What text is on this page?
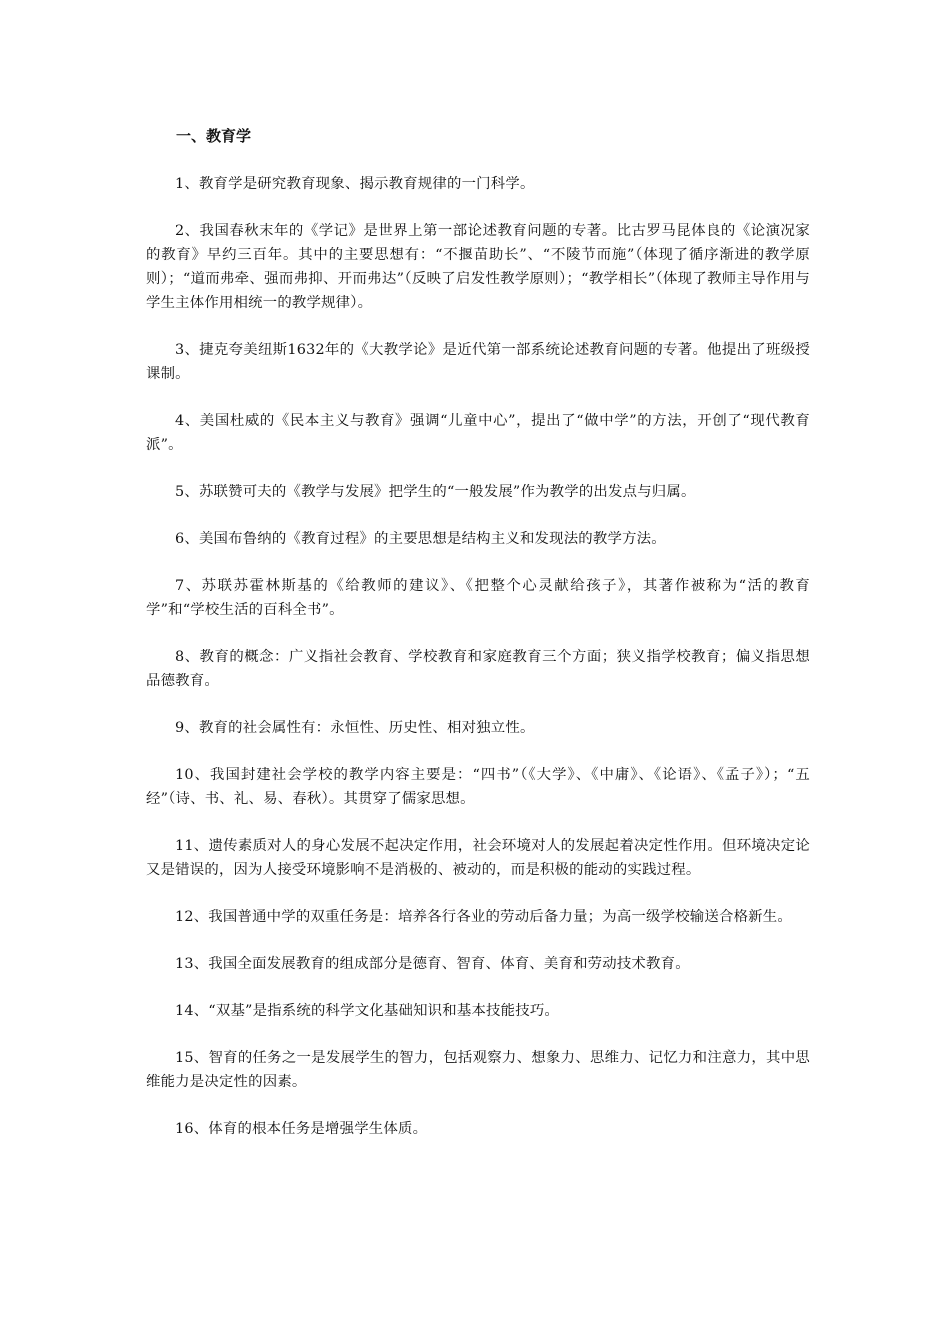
一、教育学

1、教育学是研究教育现象、揭示教育规律的一门科学。

2、我国春秋末年的《学记》是世界上第一部论述教育问题的专著。比古罗马昆体良的《论演况家的教育》早约三百年。其中的主要思想有：“不揠苗助长”、“不陵节而施”（体现了循序渐进的教学原则）；“道而弗牵、强而弗抑、开而弗达”（反映了启发性教学原则）；“教学相长”（体现了教师主导作用与学生主体作用相统一的教学规律）。

3、捷克夸美纽斯1632年的《大教学论》是近代第一部系统论述教育问题的专著。他提出了班级授课制。

4、美国杜威的《民本主义与教育》强调“儿童中心”，提出了“做中学”的方法，开创了“现代教育派”。

5、苏联赞可夫的《教学与发展》把学生的“一般发展”作为教学的出发点与归属。

6、美国布鲁纳的《教育过程》的主要思想是结构主义和发现法的教学方法。

7、苏联苏霍林斯基的《给教师的建议》、《把整个心灵献给孩子》，其著作被称为“活的教育学”和“学校生活的百科全书”。

8、教育的概念：广义指社会教育、学校教育和家庭教育三个方面；狭义指学校教育；偏义指思想品德教育。

9、教育的社会属性有：永恒性、历史性、相对独立性。

10、我国封建社会学校的教学内容主要是：“四书”（《大学》、《中庸》、《论语》、《孟子》）；“五经”（诗、书、礼、易、春秋）。其贯穿了儒家思想。

11、遗传素质对人的身心发展不起决定作用，社会环境对人的发展起着决定性作用。但环境决定论又是错误的，因为人接受环境影响不是消极的、被动的，而是积极的能动的实践过程。

12、我国普通中学的双重任务是：培养各行各业的劳动后备力量；为高一级学校输送合格新生。

13、我国全面发展教育的组成部分是德育、智育、体育、美育和劳动技术教育。

14、“双基”是指系统的科学文化基础知识和基本技能技巧。

15、智育的任务之一是发展学生的智力，包括观察力、想象力、思维力、记忆力和注意力，其中思维能力是决定性的因素。

16、体育的根本任务是增强学生体质。
